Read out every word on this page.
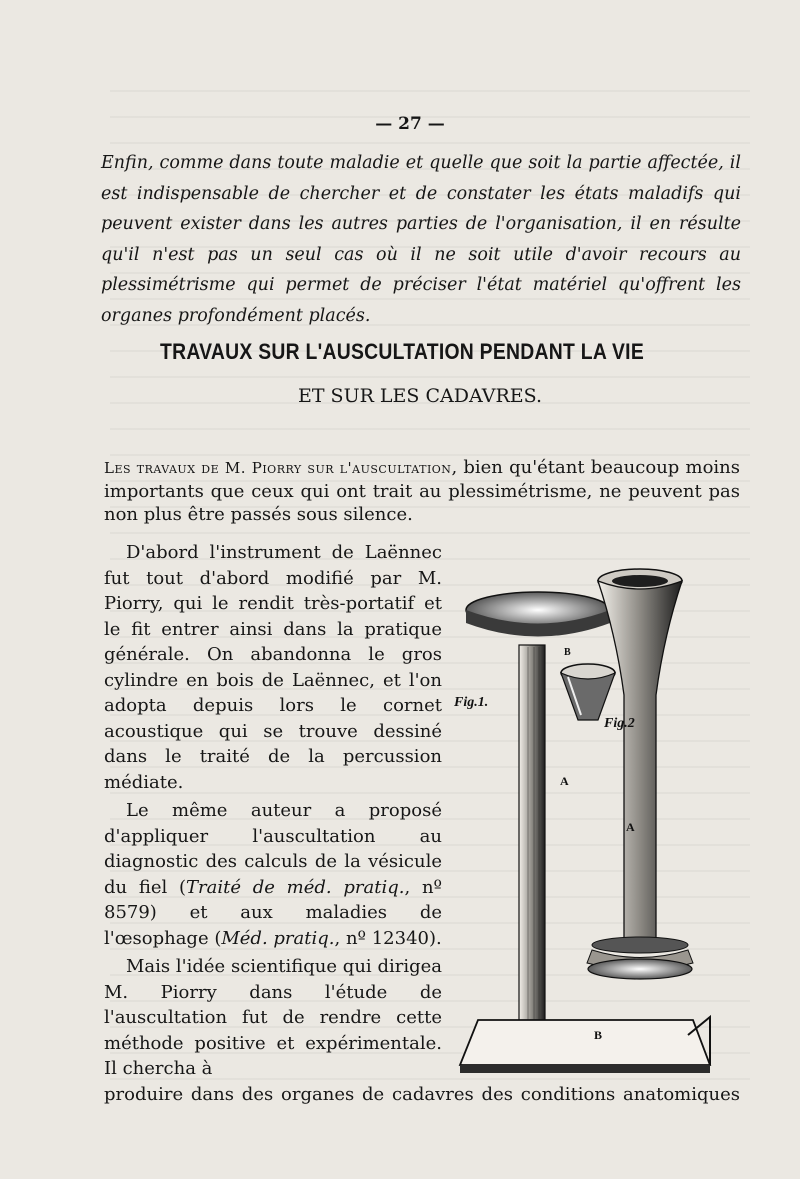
— 27 —

Enfin, comme dans toute maladie et quelle que soit la partie affectée, il est indispensable de chercher et de constater les états maladifs qui peuvent exister dans les autres parties de l'organisation, il en résulte qu'il n'est pas un seul cas où il ne soit utile d'avoir recours au plessimétrisme qui permet de préciser l'état matériel qu'offrent les organes profondément placés.

TRAVAUX SUR L'AUSCULTATION PENDANT LA VIE
ET SUR LES CADAVRES.

Les travaux de M. Piorry sur l'auscultation, bien qu'étant beaucoup moins importants que ceux qui ont trait au plessimétrisme, ne peuvent pas non plus être passés sous silence.

D'abord l'instrument de Laënnec fut tout d'abord modifié par M. Piorry, qui le rendit très-portatif et le fit entrer ainsi dans la pratique générale. On abandonna le gros cylindre en bois de Laënnec, et l'on adopta depuis lors le cornet acoustique qui se trouve dessiné dans le traité de la percussion médiate.

Le même auteur a proposé d'appliquer l'auscultation au diagnostic des calculs de la vésicule du fiel (Traité de méd. pratiq., nº 8579) et aux maladies de l'œsophage (Méd. pratiq., nº 12340).

Mais l'idée scientifique qui dirigea M. Piorry dans l'étude de l'auscultation fut de rendre cette méthode positive et expérimentale. Il chercha à

produire dans des organes de cadavres des conditions anatomiques

Fig.1.
Fig.2
A
A
B
B
